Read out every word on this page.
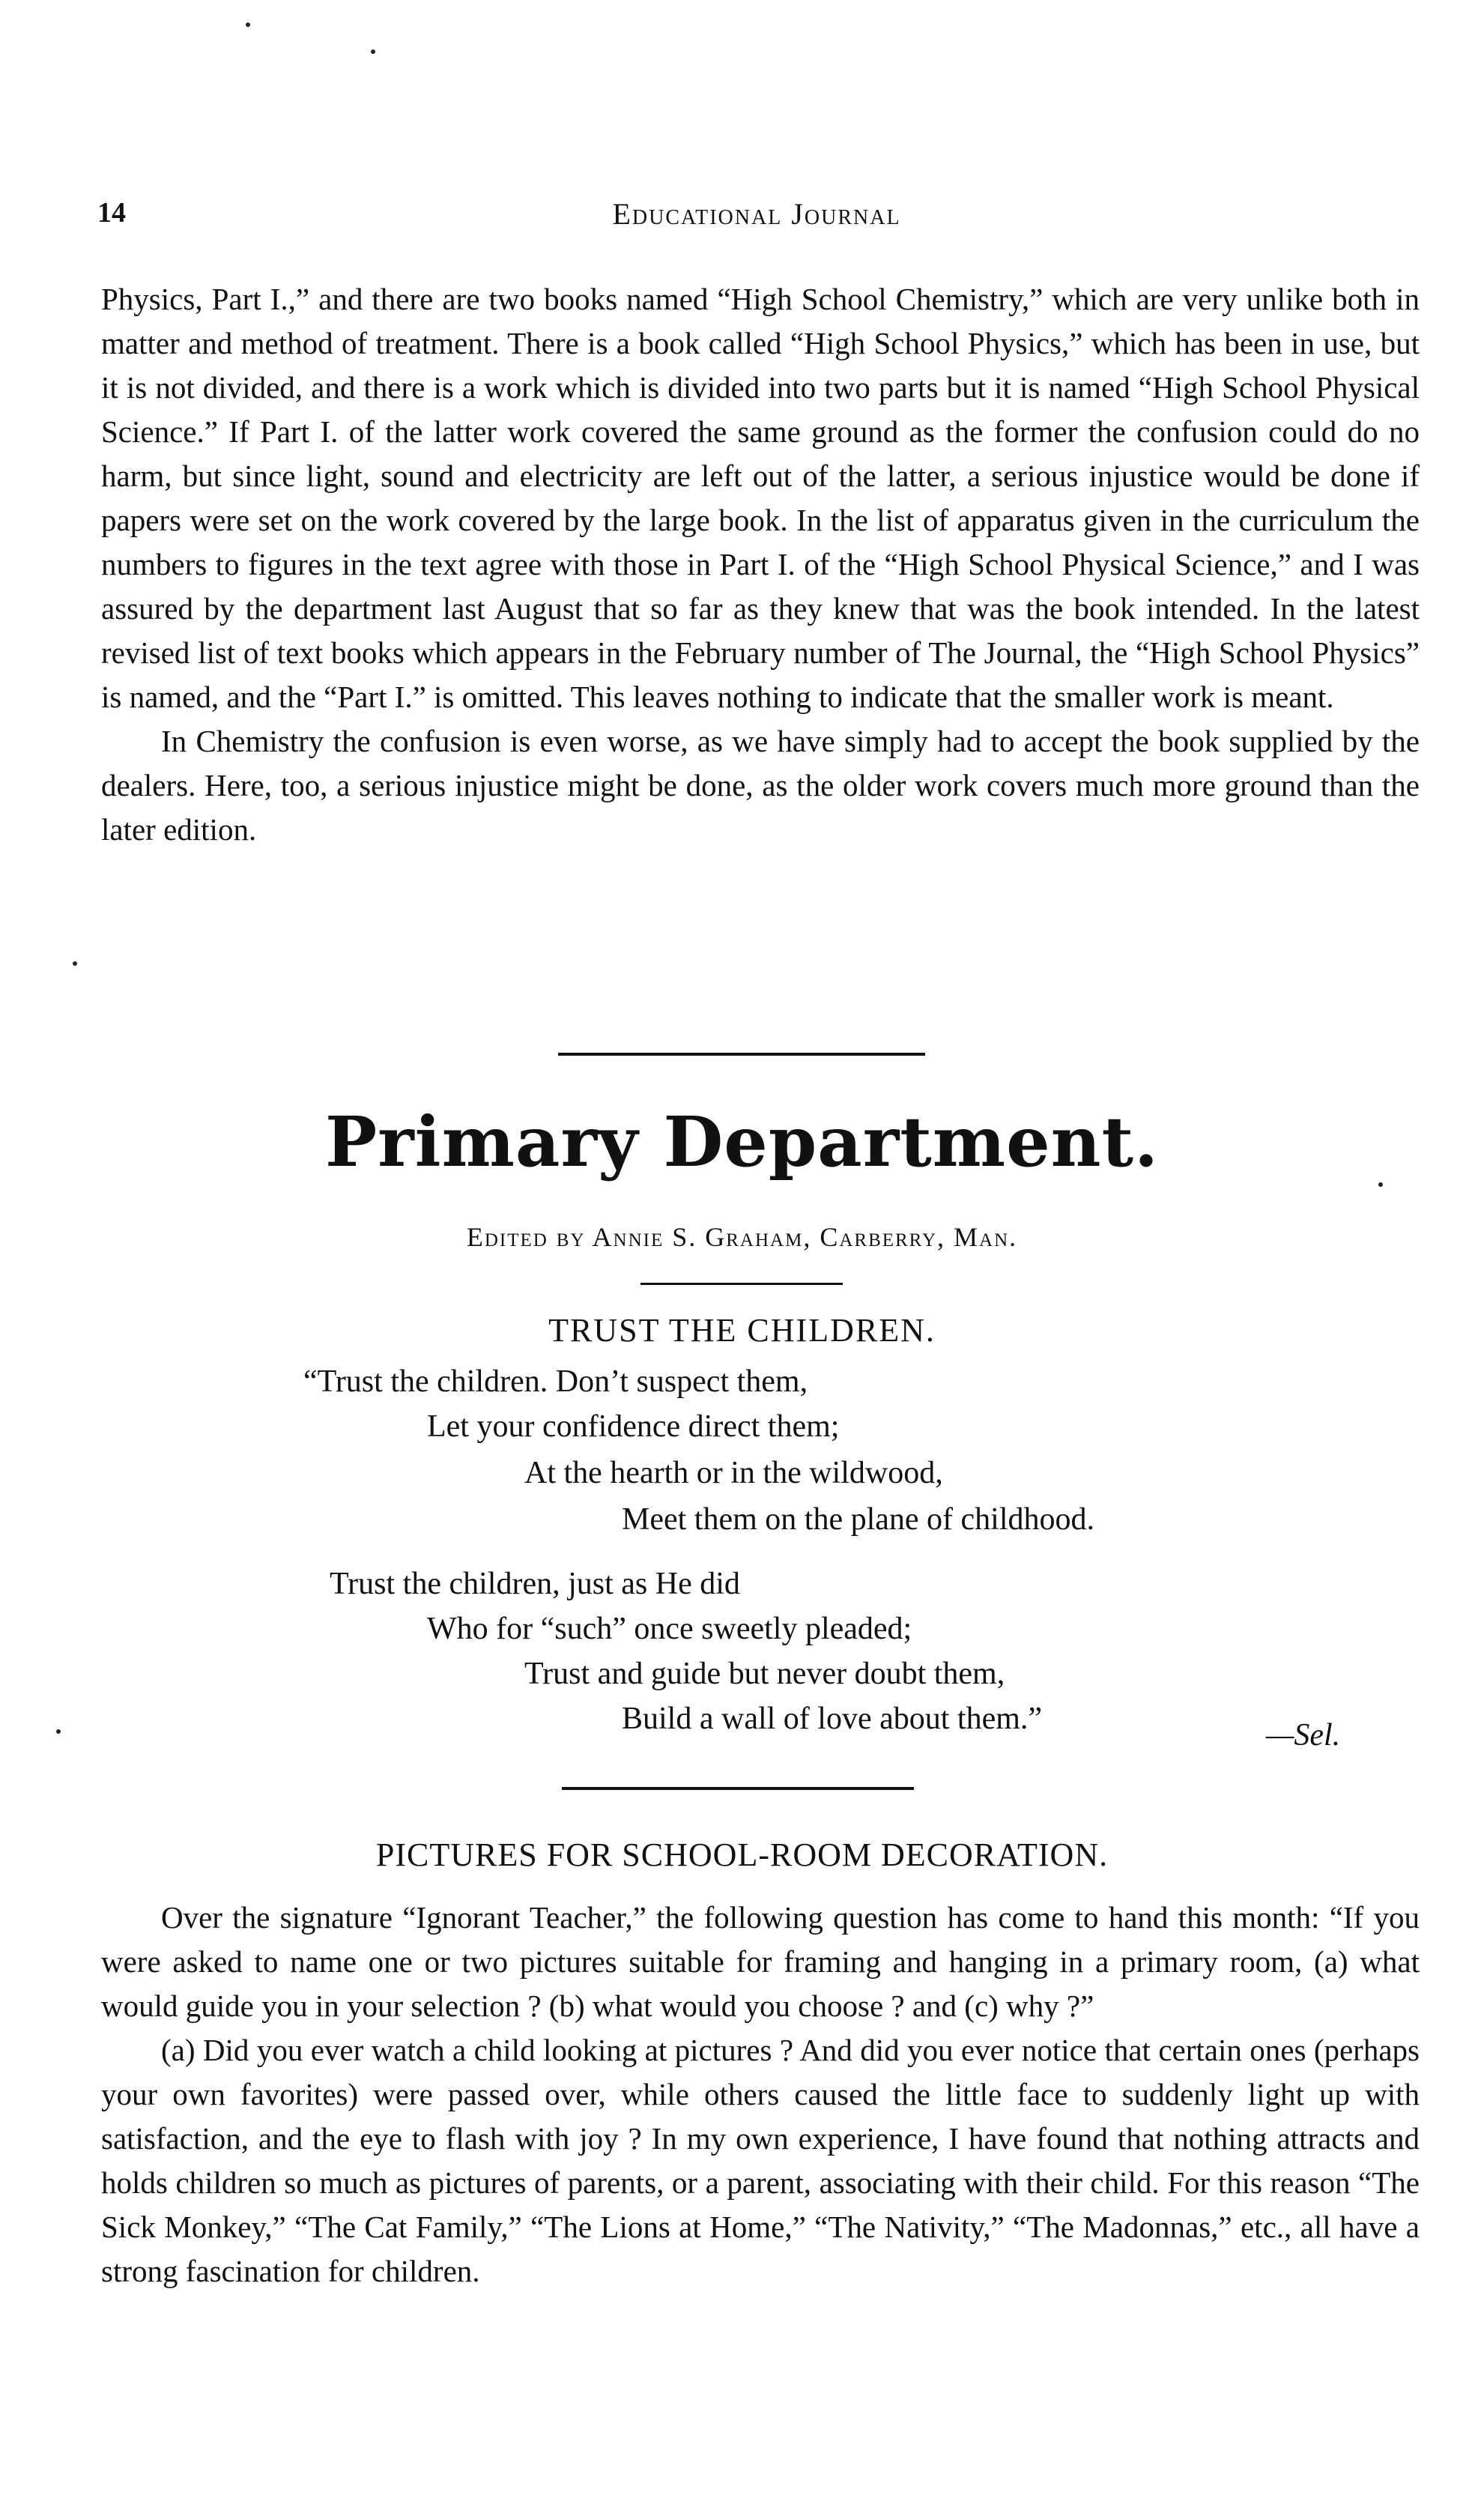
14	Educational Journal

Physics, Part I.,” and there are two books named “High School Chemistry,” which are very unlike both in matter and method of treatment. There is a book called “High School Physics,” which has been in use, but it is not divided, and there is a work which is divided into two parts but it is named “High School Physical Science.” If Part I. of the latter work covered the same ground as the former the confusion could do no harm, but since light, sound and electricity are left out of the latter, a serious injustice would be done if papers were set on the work covered by the large book. In the list of apparatus given in the curriculum the numbers to figures in the text agree with those in Part I. of the “High School Physical Science,” and I was assured by the department last August that so far as they knew that was the book intended. In the latest revised list of text books which appears in the February number of The Journal, the “High School Physics” is named, and the “Part I.” is omitted. This leaves nothing to indicate that the smaller work is meant.

In Chemistry the confusion is even worse, as we have simply had to accept the book supplied by the dealers. Here, too, a serious injustice might be done, as the older work covers much more ground than the later edition.

Primary Department.
Edited by Annie S. Graham, Carberry, Man.
TRUST THE CHILDREN.
“Trust the children. Don’t suspect them,
Let your confidence direct them;
At the hearth or in the wildwood,
Meet them on the plane of childhood.
Trust the children, just as He did
Who for “such” once sweetly pleaded;
Trust and guide but never doubt them,
Build a wall of love about them.”	—Sel.
PICTURES FOR SCHOOL-ROOM DECORATION.

Over the signature “Ignorant Teacher,” the following question has come to hand this month: “If you were asked to name one or two pictures suitable for framing and hanging in a primary room, (a) what would guide you in your selection ? (b) what would you choose ? and (c) why ?”

(a) Did you ever watch a child looking at pictures ? And did you ever notice that certain ones (perhaps your own favorites) were passed over, while others caused the little face to suddenly light up with satisfaction, and the eye to flash with joy ? In my own experience, I have found that nothing attracts and holds children so much as pictures of parents, or a parent, associating with their child. For this reason “The Sick Monkey,” “The Cat Family,” “The Lions at Home,” “The Nativity,” “The Madonnas,” etc., all have a strong fascination for children.
